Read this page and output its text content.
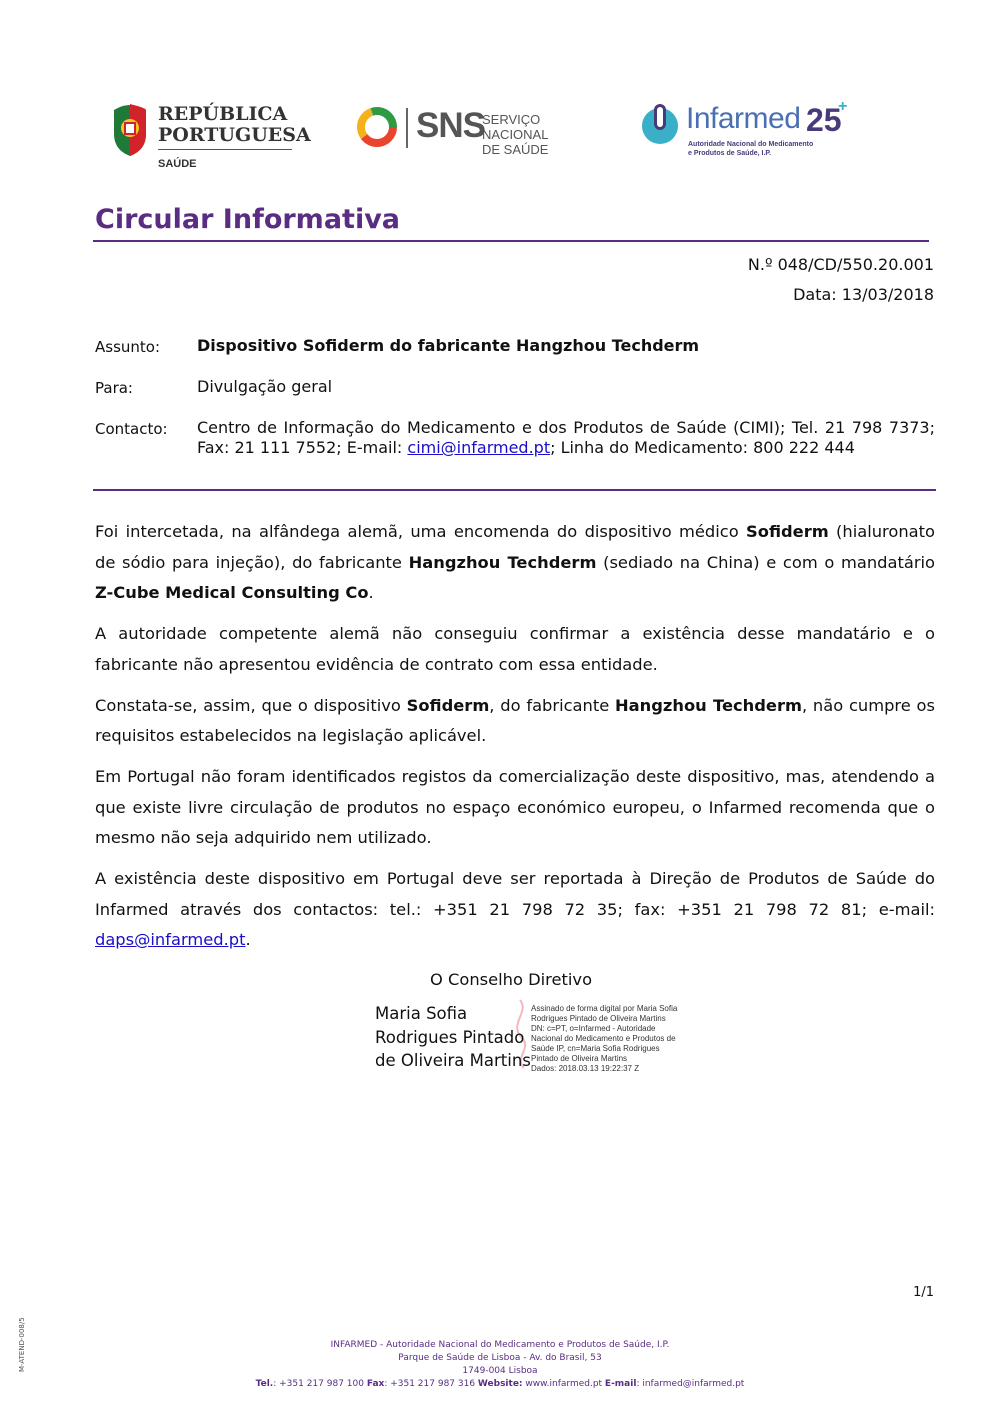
REPÚBLICA
PORTUGUESA
SAÚDE
SNS
SERVIÇO NACIONAL
DE SAÚDE
Infarmed 25
+
Autoridade Nacional do Medicamento
e Produtos de Saúde, I.P.
Circular Informativa
N.º 048/CD/550.20.001
Data: 13/03/2018
Assunto: Dispositivo Sofiderm do fabricante Hangzhou Techderm
Para:	Divulgação geral
Contacto: Centro de Informação do Medicamento e dos Produtos de Saúde (CIMI); Tel. 21 798 7373; Fax: 21 111 7552; E-mail: cimi@infarmed.pt; Linha do Medicamento: 800 222 444

Foi intercetada, na alfândega alemã, uma encomenda do dispositivo médico Sofiderm (hialuronato de sódio para injeção), do fabricante Hangzhou Techderm (sediado na China) e com o mandatário Z-Cube Medical Consulting Co.

A autoridade competente alemã não conseguiu confirmar a existência desse mandatário e o fabricante não apresentou evidência de contrato com essa entidade.

Constata-se, assim, que o dispositivo Sofiderm, do fabricante Hangzhou Techderm, não cumpre os requisitos estabelecidos na legislação aplicável.

Em Portugal não foram identificados registos da comercialização deste dispositivo, mas, atendendo a que existe livre circulação de produtos no espaço económico europeu, o Infarmed recomenda que o mesmo não seja adquirido nem utilizado.

A existência deste dispositivo em Portugal deve ser reportada à Direção de Produtos de Saúde do Infarmed através dos contactos: tel.: +351 21 798 72 35; fax: +351 21 798 72 81; e-mail: daps@infarmed.pt.

O Conselho Diretivo
Maria Sofia
Rodrigues Pintado
de Oliveira Martins
Assinado de forma digital por Maria Sofia
Rodrigues Pintado de Oliveira Martins
DN: c=PT, o=Infarmed - Autoridade
Nacional do Medicamento e Produtos de
Saúde IP, cn=Maria Sofia Rodrigues
Pintado de Oliveira Martins
Dados: 2018.03.13 19:22:37 Z
1/1
M-ATEND-008/5	INFARMED - Autoridade Nacional do Medicamento e Produtos de Saúde, I.P.
Parque de Saúde de Lisboa - Av. do Brasil, 53
1749-004 Lisboa
Tel.: +351 217 987 100 Fax: +351 217 987 316 Website: www.infarmed.pt E-mail: infarmed@infarmed.pt
